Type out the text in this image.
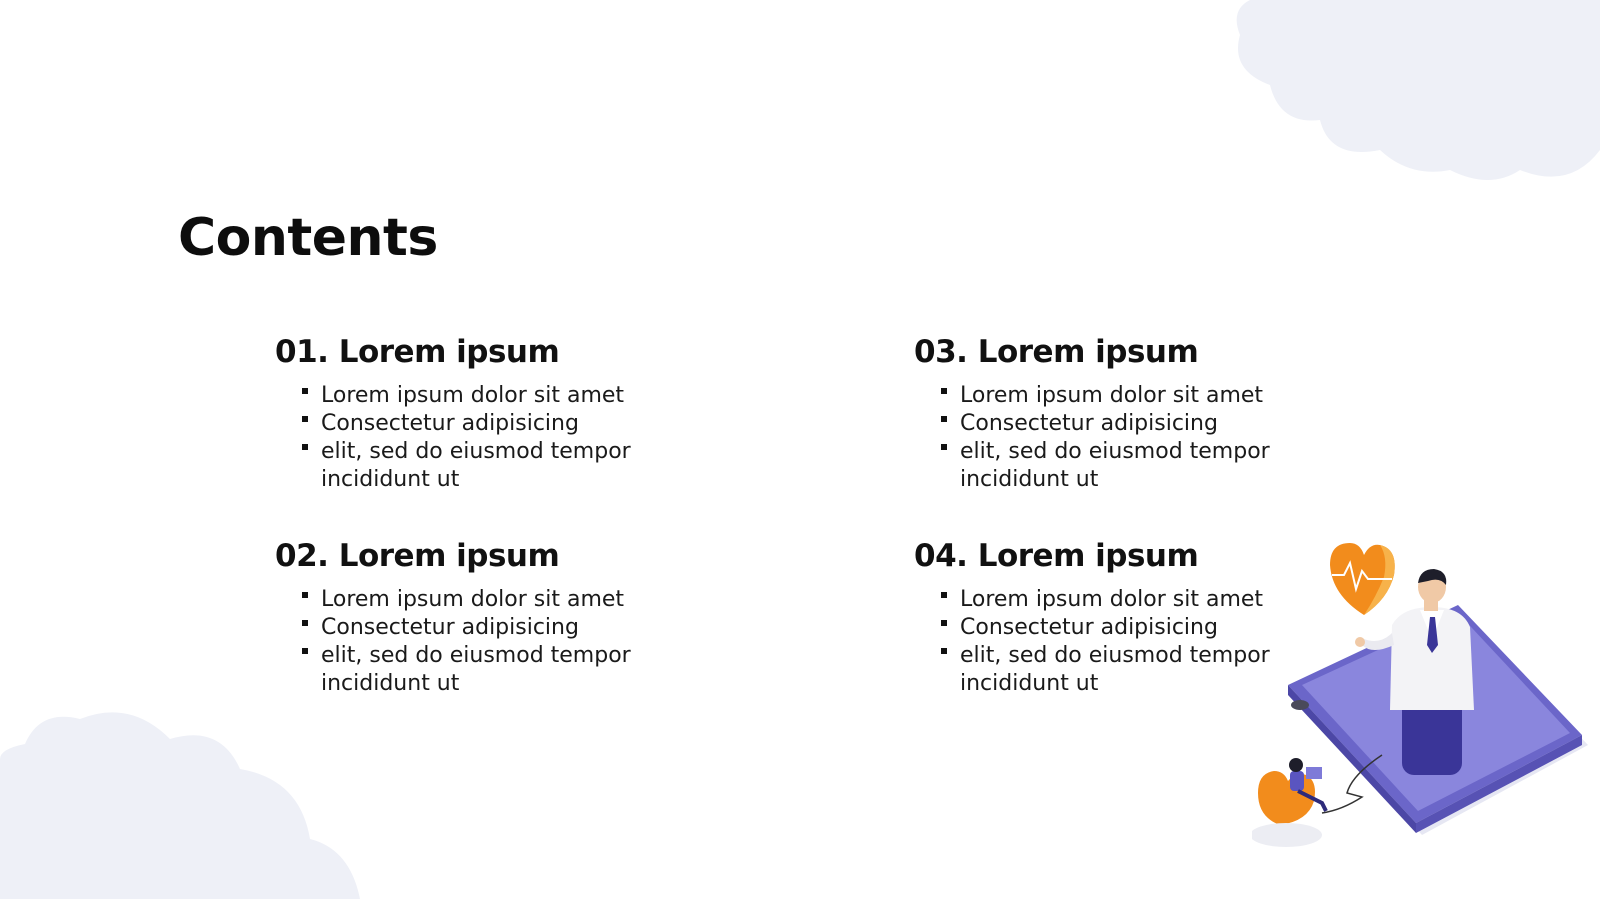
Contents
01. Lorem ipsum
Lorem ipsum dolor sit amet
Consectetur adipisicing
elit, sed do eiusmod tempor incididunt ut
02. Lorem ipsum
Lorem ipsum dolor sit amet
Consectetur adipisicing
elit, sed do eiusmod tempor incididunt ut
03. Lorem ipsum
Lorem ipsum dolor sit amet
Consectetur adipisicing
elit, sed do eiusmod tempor incididunt ut
04. Lorem ipsum
Lorem ipsum dolor sit amet
Consectetur adipisicing
elit, sed do eiusmod tempor incididunt ut
